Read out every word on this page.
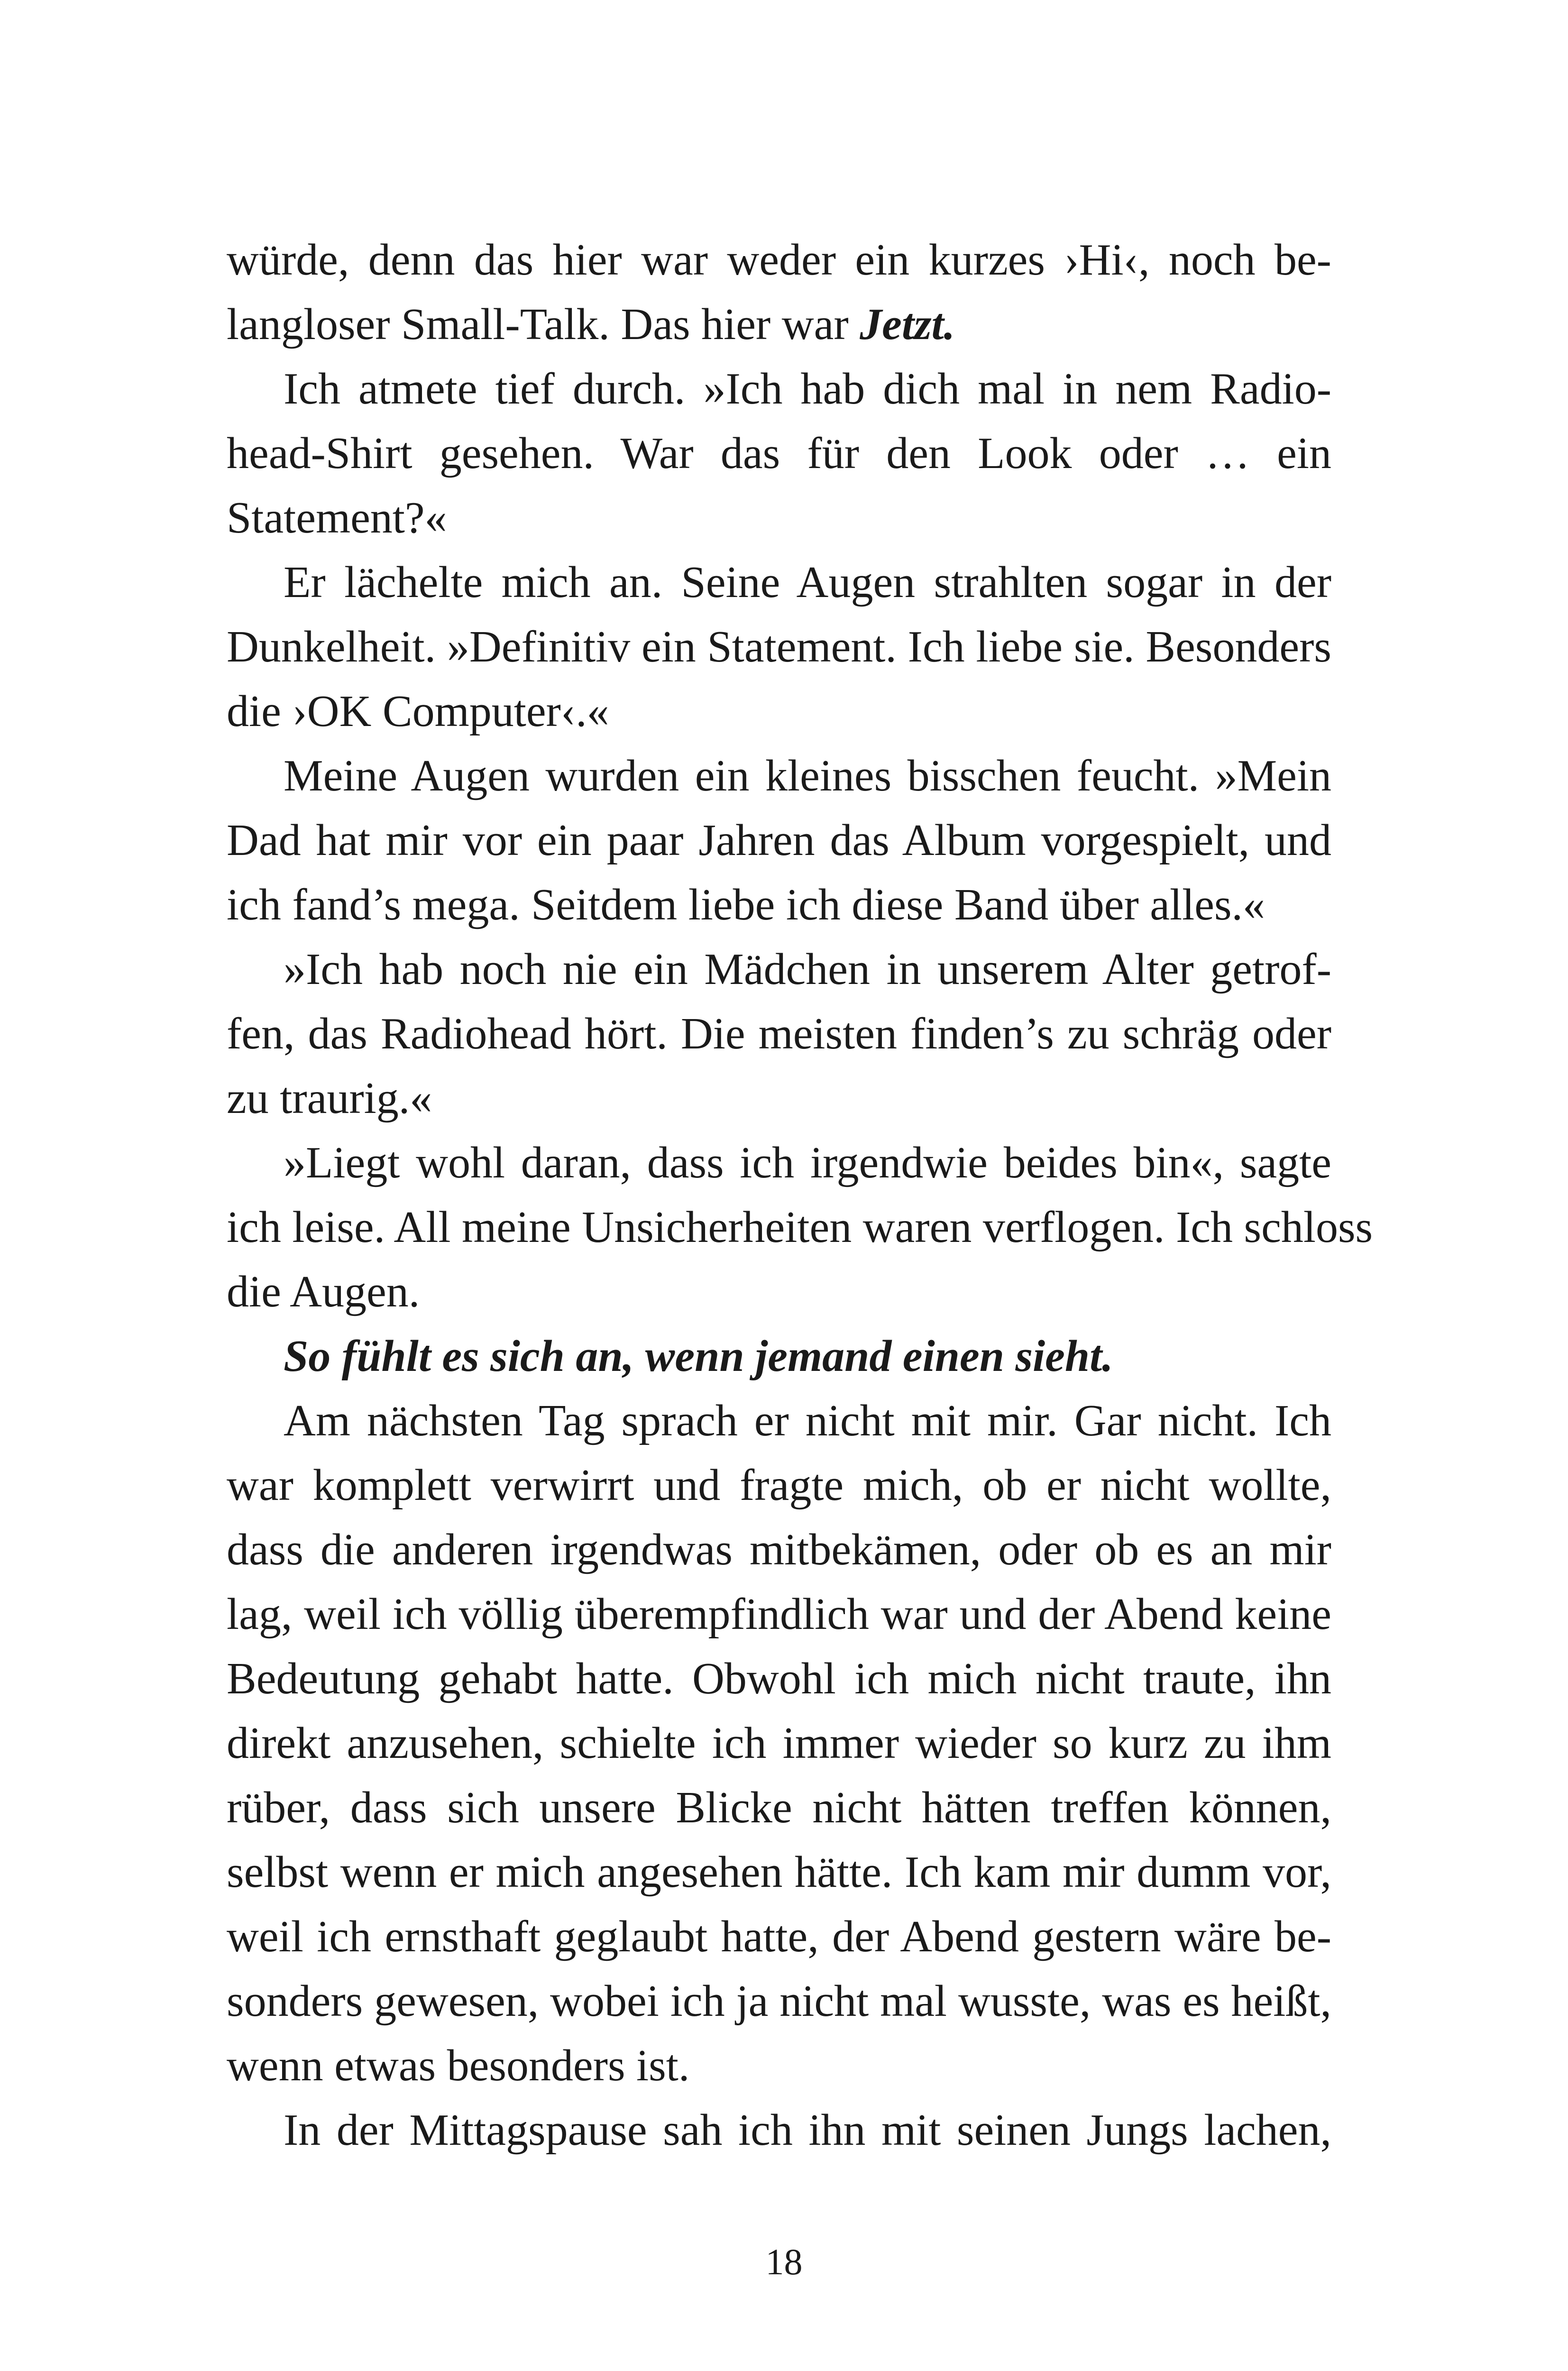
würde, denn das hier war weder ein kurzes ›Hi‹, noch be-
langloser Small-Talk. Das hier war Jetzt.
Ich atmete tief durch. »Ich hab dich mal in nem Radio-
head-Shirt gesehen. War das für den Look oder … ein
Statement?«
Er lächelte mich an. Seine Augen strahlten sogar in der
Dunkelheit. »Definitiv ein Statement. Ich liebe sie. Besonders
die ›OK Computer‹.«
Meine Augen wurden ein kleines bisschen feucht. »Mein
Dad hat mir vor ein paar Jahren das Album vorgespielt, und
ich fand’s mega. Seitdem liebe ich diese Band über alles.«
»Ich hab noch nie ein Mädchen in unserem Alter getrof-
fen, das Radiohead hört. Die meisten finden’s zu schräg oder
zu traurig.«
»Liegt wohl daran, dass ich irgendwie beides bin«, sagte
ich leise. All meine Unsicherheiten waren verflogen. Ich schloss
die Augen.
So fühlt es sich an, wenn jemand einen sieht.
Am nächsten Tag sprach er nicht mit mir. Gar nicht. Ich
war komplett verwirrt und fragte mich, ob er nicht wollte,
dass die anderen irgendwas mitbekämen, oder ob es an mir
lag, weil ich völlig überempfindlich war und der Abend keine
Bedeutung gehabt hatte. Obwohl ich mich nicht traute, ihn
direkt anzusehen, schielte ich immer wieder so kurz zu ihm
rüber, dass sich unsere Blicke nicht hätten treffen können,
selbst wenn er mich angesehen hätte. Ich kam mir dumm vor,
weil ich ernsthaft geglaubt hatte, der Abend gestern wäre be-
sonders gewesen, wobei ich ja nicht mal wusste, was es heißt,
wenn etwas besonders ist.
In der Mittagspause sah ich ihn mit seinen Jungs lachen,
18
